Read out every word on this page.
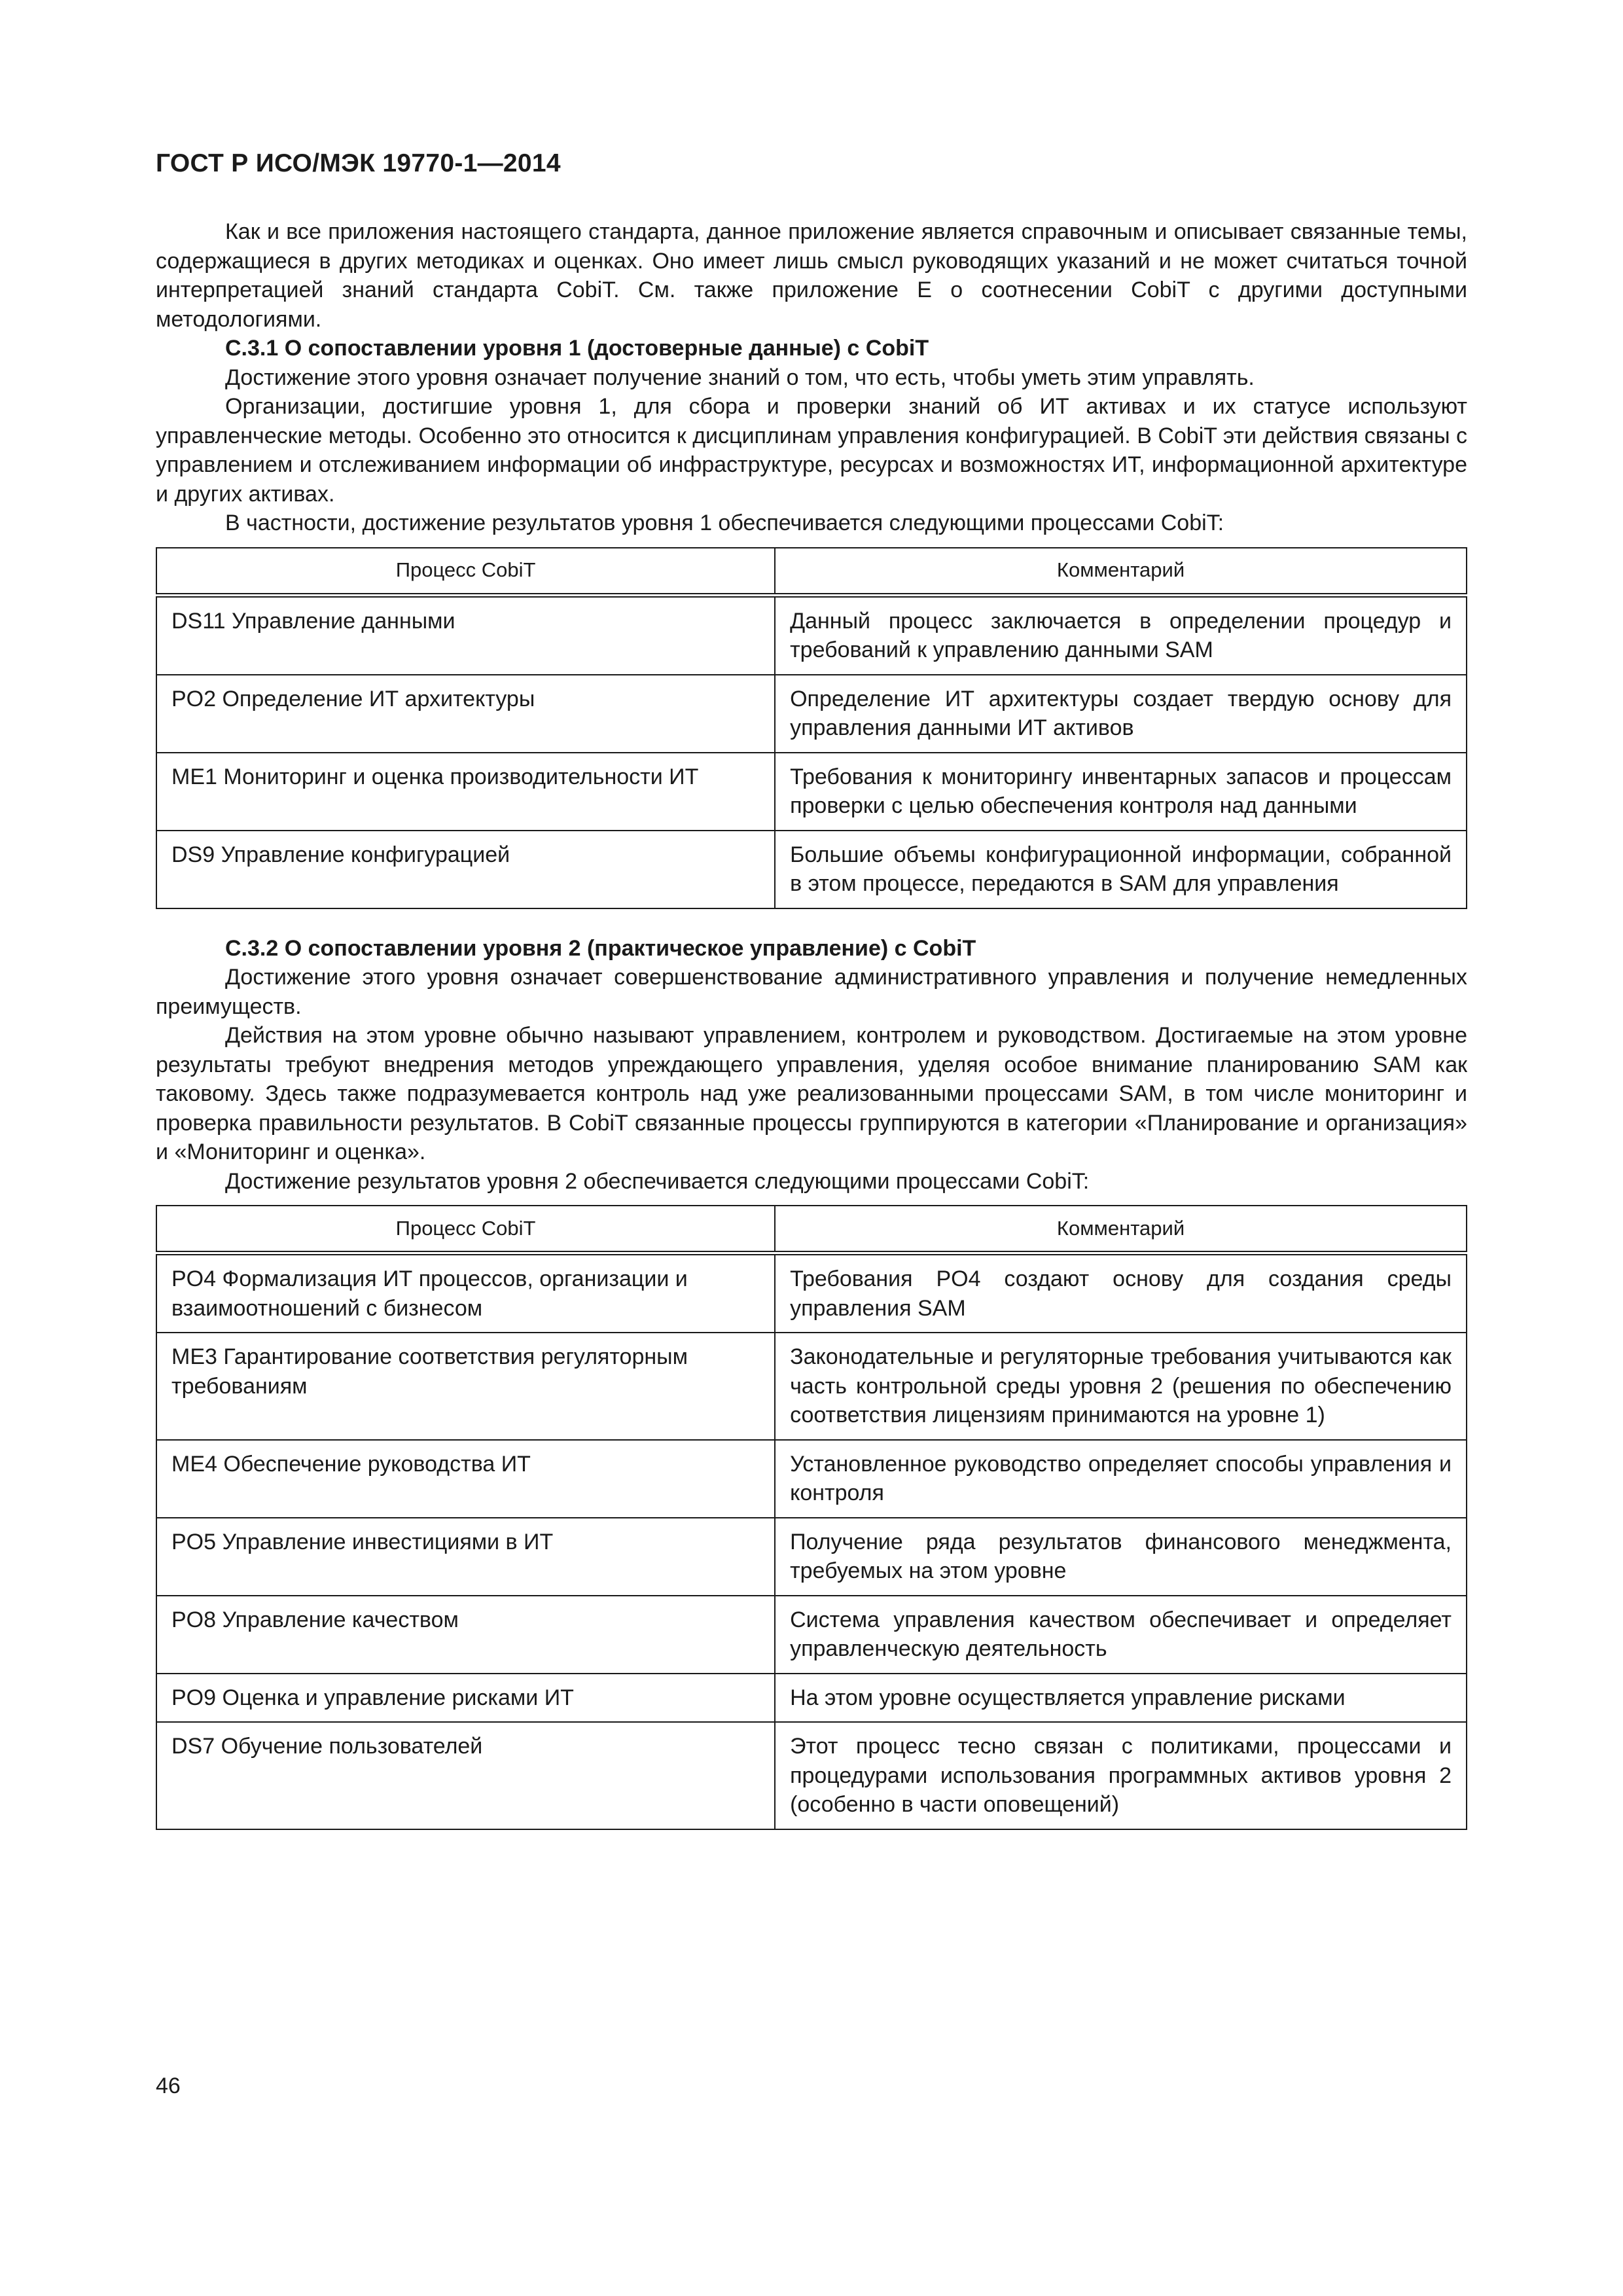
ГОСТ Р ИСО/МЭК 19770-1—2014

Как и все приложения настоящего стандарта, данное приложение является справочным и описывает связанные темы, содержащиеся в других методиках и оценках. Оно имеет лишь смысл руководящих указаний и не может считаться точной интерпретацией знаний стандарта CobiT. См. также приложение Е о соотнесении CobiT с другими доступными методологиями.

С.3.1 О сопоставлении уровня 1 (достоверные данные) с CobiT

Достижение этого уровня означает получение знаний о том, что есть, чтобы уметь этим управлять.

Организации, достигшие уровня 1, для сбора и проверки знаний об ИТ активах и их статусе используют управленческие методы. Особенно это относится к дисциплинам управления конфигурацией. В CobiT эти действия связаны с управлением и отслеживанием информации об инфраструктуре, ресурсах и возможностях ИТ, информационной архитектуре и других активах.

В частности, достижение результатов уровня 1 обеспечивается следующими процессами CobiT:

Процесс CobiT	Комментарий
DS11 Управление данными	Данный процесс заключается в определении процедур и требований к управлению данными SAM
PO2 Определение ИТ архитектуры	Определение ИТ архитектуры создает твердую основу для управления данными ИТ активов
ME1 Мониторинг и оценка производительности ИТ	Требования к мониторингу инвентарных запасов и процессам проверки с целью обеспечения контроля над данными
DS9 Управление конфигурацией	Большие объемы конфигурационной информации, собранной в этом процессе, передаются в SAM для управления

С.3.2 О сопоставлении уровня 2 (практическое управление) с CobiT

Достижение этого уровня означает совершенствование административного управления и получение немедленных преимуществ.

Действия на этом уровне обычно называют управлением, контролем и руководством. Достигаемые на этом уровне результаты требуют внедрения методов упреждающего управления, уделяя особое внимание планированию SAM как таковому. Здесь также подразумевается контроль над уже реализованными процессами SAM, в том числе мониторинг и проверка правильности результатов. В CobiT связанные процессы группируются в категории «Планирование и организация» и «Мониторинг и оценка».

Достижение результатов уровня 2 обеспечивается следующими процессами CobiT:

Процесс CobiT	Комментарий
PO4 Формализация ИТ процессов, организации и взаимоотношений с бизнесом	Требования PO4 создают основу для создания среды управления SAM
ME3 Гарантирование соответствия регуляторным требованиям	Законодательные и регуляторные требования учитываются как часть контрольной среды уровня 2 (решения по обеспечению соответствия лицензиям принимаются на уровне 1)
ME4 Обеспечение руководства ИТ	Установленное руководство определяет способы управления и контроля
PO5 Управление инвестициями в ИТ	Получение ряда результатов финансового менеджмента, требуемых на этом уровне
PO8 Управление качеством	Система управления качеством обеспечивает и определяет управленческую деятельность
PO9 Оценка и управление рисками ИТ	На этом уровне осуществляется управление рисками
DS7 Обучение пользователей	Этот процесс тесно связан с политиками, процессами и процедурами использования программных активов уровня 2 (особенно в части оповещений)
46
